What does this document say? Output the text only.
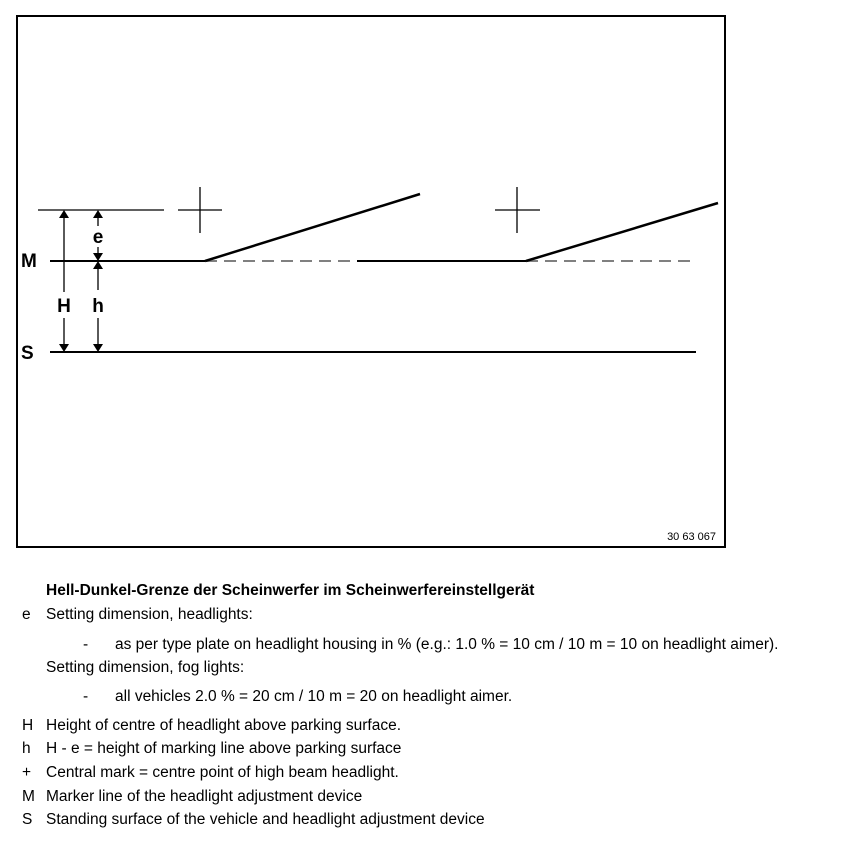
H
e
h
M
S
30 63 067
Hell-Dunkel-Grenze der Scheinwerfer im Scheinwerfereinstellgerät
e Setting dimension, headlights:
- as per type plate on headlight housing in % (e.g.: 1.0 % = 10 cm / 10 m = 10 on headlight aimer).
Setting dimension, fog lights:
- all vehicles 2.0 % = 20 cm / 10 m = 20 on headlight aimer.
H Height of centre of headlight above parking surface.
h H - e = height of marking line above parking surface
+ Central mark = centre point of high beam headlight.
M Marker line of the headlight adjustment device
S Standing surface of the vehicle and headlight adjustment device
